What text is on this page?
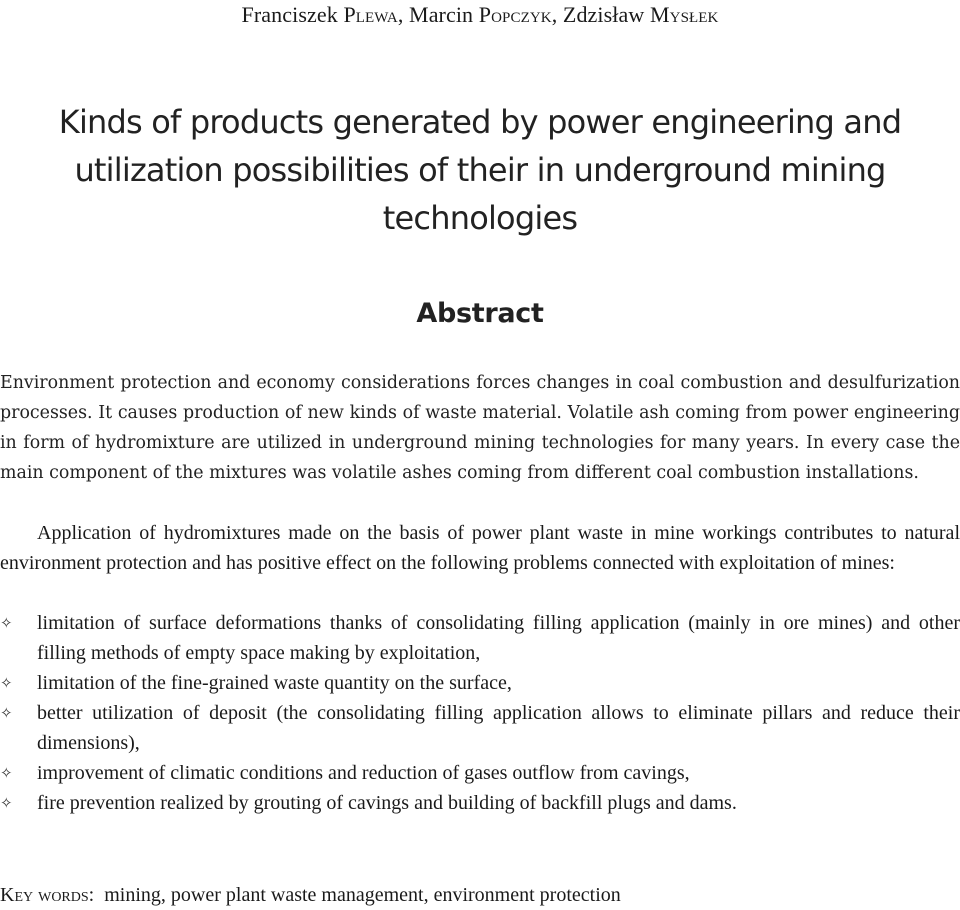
Franciszek Plewa, Marcin Popczyk, Zdzisław Mysłek
Kinds of products generated by power engineering and
utilization possibilities of their in underground mining
technologies
Abstract

Environment protection and economy considerations forces changes in coal combustion and desulfurization processes. It causes production of new kinds of waste material. Volatile ash coming from power engineering in form of hydromixture are utilized in underground mining technologies for many years. In every case the main component of the mixtures was volatile ashes coming from different coal combustion installations.

Application of hydromixtures made on the basis of power plant waste in mine workings contributes to natural environment protection and has positive effect on the following problems connected with exploitation of mines:

✧ limitation of surface deformations thanks of consolidating filling application (mainly in ore mines) and other filling methods of empty space making by exploitation,
✧ limitation of the fine-grained waste quantity on the surface,
✧ better utilization of deposit (the consolidating filling application allows to eliminate pillars and reduce their dimensions),
✧ improvement of climatic conditions and reduction of gases outflow from cavings,
✧ fire prevention realized by grouting of cavings and building of backfill plugs and dams.
Key words: mining, power plant waste management, environment protection
